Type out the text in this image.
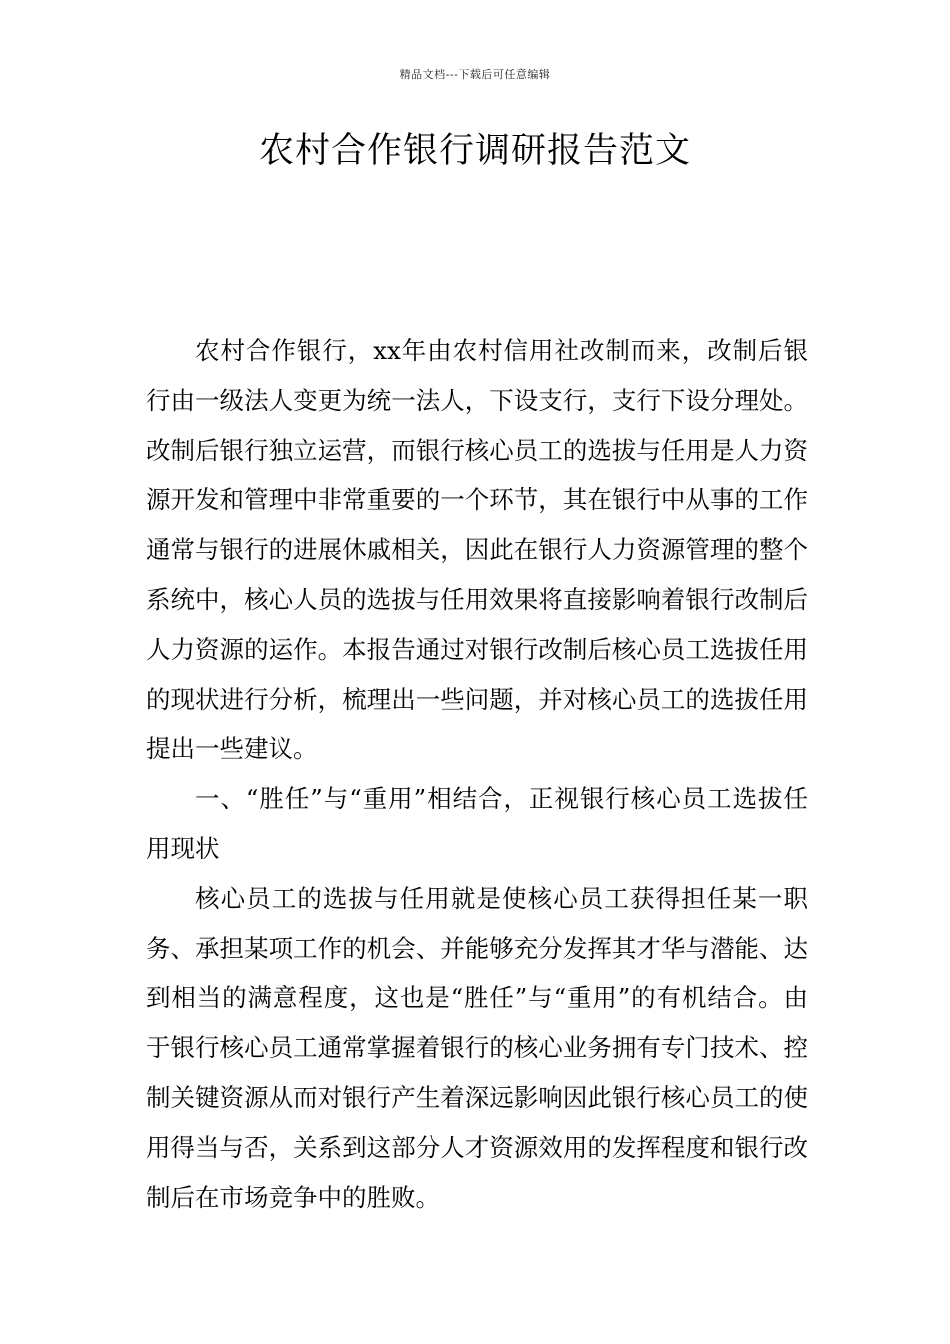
精品文档---下载后可任意编辑
农村合作银行调研报告范文

农村合作银行，xx年由农村信用社改制而来，改制后银行由一级法人变更为统一法人，下设支行，支行下设分理处。改制后银行独立运营，而银行核心员工的选拔与任用是人力资源开发和管理中非常重要的一个环节，其在银行中从事的工作通常与银行的进展休戚相关，因此在银行人力资源管理的整个系统中，核心人员的选拔与任用效果将直接影响着银行改制后人力资源的运作。本报告通过对银行改制后核心员工选拔任用的现状进行分析，梳理出一些问题，并对核心员工的选拔任用提出一些建议。

一、“胜任”与“重用”相结合，正视银行核心员工选拔任用现状

核心员工的选拔与任用就是使核心员工获得担任某一职务、承担某项工作的机会、并能够充分发挥其才华与潜能、达到相当的满意程度，这也是“胜任”与“重用”的有机结合。由于银行核心员工通常掌握着银行的核心业务拥有专门技术、控制关键资源从而对银行产生着深远影响因此银行核心员工的使用得当与否，关系到这部分人才资源效用的发挥程度和银行改制后在市场竞争中的胜败。
